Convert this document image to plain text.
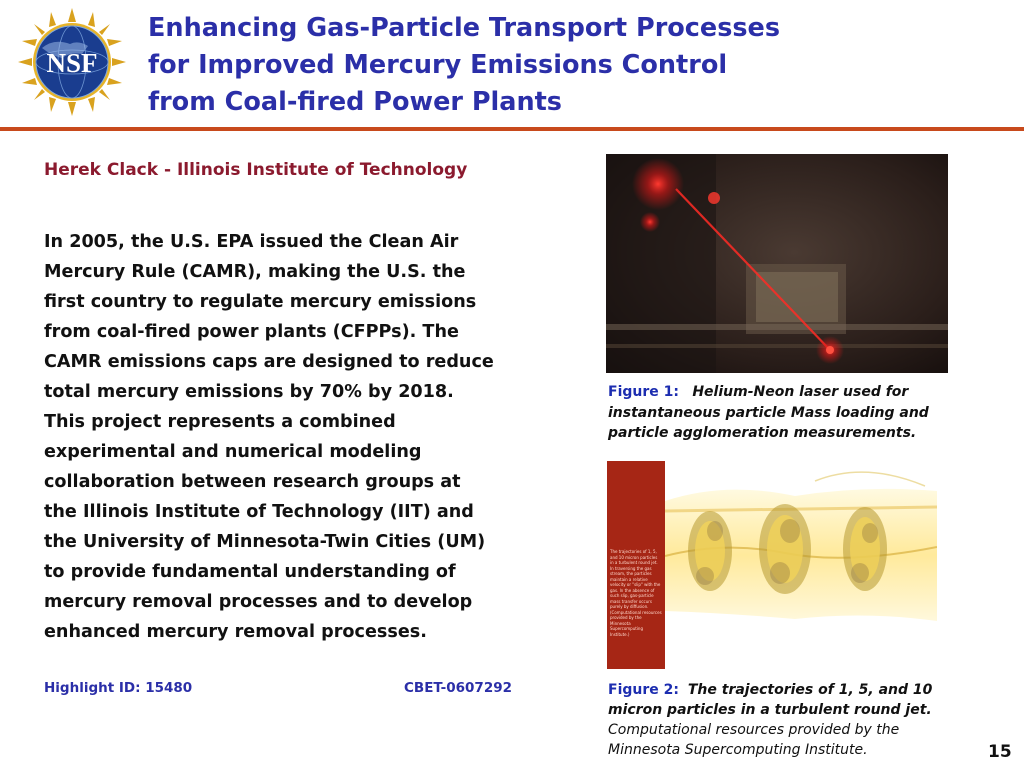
NSF
Enhancing Gas-Particle Transport Processes
for Improved Mercury Emissions Control
from Coal-fired Power Plants
Herek Clack - Illinois Institute of Technology
In 2005, the U.S. EPA issued the Clean Air
Mercury Rule (CAMR), making the U.S. the
first country to regulate mercury emissions
from coal-fired power plants (CFPPs). The
CAMR emissions caps are designed to reduce
total mercury emissions by 70% by 2018.
This project represents a combined
experimental and numerical modeling
collaboration between research groups at
the Illinois Institute of Technology (IIT) and
the University of Minnesota-Twin Cities (UM)
to provide fundamental understanding of
mercury removal processes and to develop
enhanced mercury removal processes.
Highlight ID: 15480	CBET-0607292
Figure 1: Helium-Neon laser used for
instantaneous particle Mass loading and
particle agglomeration measurements.
The trajectories of 1, 5, and 10 micron particles in a turbulent round jet. In traversing the gas stream, the particles maintain a relative velocity or "slip" with the gas. In the absence of such slip, gas-particle mass transfer occurs purely by diffusion. (Computational resources provided by the Minnesota Supercomputing Institute.)
Figure 2: The trajectories of 1, 5, and 10
micron particles in a turbulent round jet.
Computational resources provided by the
Minnesota Supercomputing Institute.	15
